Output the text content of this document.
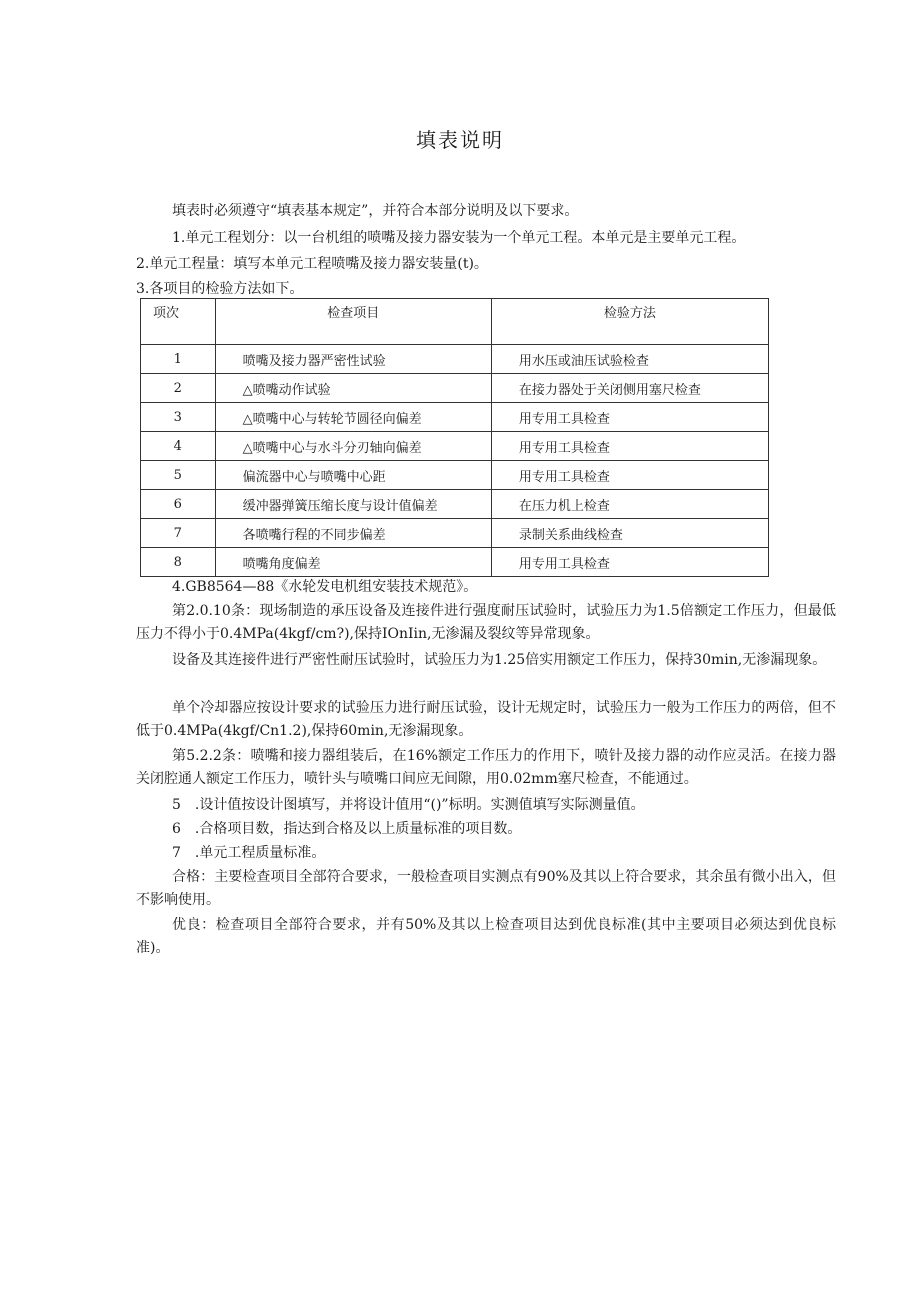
填表说明
填表时必须遵守“填表基本规定”，并符合本部分说明及以下要求。
1.单元工程划分：以一台机组的喷嘴及接力器安装为一个单元工程。本单元是主要单元工程。
2.单元工程量：填写本单元工程喷嘴及接力器安装量(t)。
3.各项目的检验方法如下。
项次	检查项目	检验方法
1	喷嘴及接力器严密性试验	用水压或油压试验检查
2	△喷嘴动作试验	在接力器处于关闭侧用塞尺检查
3	△喷嘴中心与转轮节圆径向偏差	用专用工具检查
4	△喷嘴中心与水斗分刃轴向偏差	用专用工具检查
5	偏流器中心与喷嘴中心距	用专用工具检查
6	缓冲器弹簧压缩长度与设计值偏差	在压力机上检查
7	各喷嘴行程的不同步偏差	录制关系曲线检查
8	喷嘴角度偏差	用专用工具检查
4.GB8564—88《水轮发电机组安装技术规范》。
第2.0.10条：现场制造的承压设备及连接件进行强度耐压试验时，试验压力为1.5倍额定工作压力，但最低压力不得小于0.4MPa(4kgf/cm?),保持IOnIin,无渗漏及裂纹等异常现象。
设备及其连接件进行严密性耐压试验时，试验压力为1.25倍实用额定工作压力，保持30min,无渗漏现象。
单个冷却器应按设计要求的试验压力进行耐压试验，设计无规定时，试验压力一般为工作压力的两倍，但不低于0.4MPa(4kgf/Cn1.2),保持60min,无渗漏现象。
第5.2.2条：喷嘴和接力器组装后，在16%额定工作压力的作用下，喷针及接力器的动作应灵活。在接力器关闭腔通人额定工作压力，喷针头与喷嘴口间应无间隙，用0.02mm塞尺检查，不能通过。
5　.设计值按设计图填写，并将设计值用“()”标明。实测值填写实际测量值。
6　.合格项目数，指达到合格及以上质量标准的项目数。
7　.单元工程质量标准。
合格：主要检查项目全部符合要求，一般检查项目实测点有90%及其以上符合要求，其余虽有微小出入，但不影响使用。
优良：检查项目全部符合要求，并有50%及其以上检查项目达到优良标准(其中主要项目必须达到优良标准)。
